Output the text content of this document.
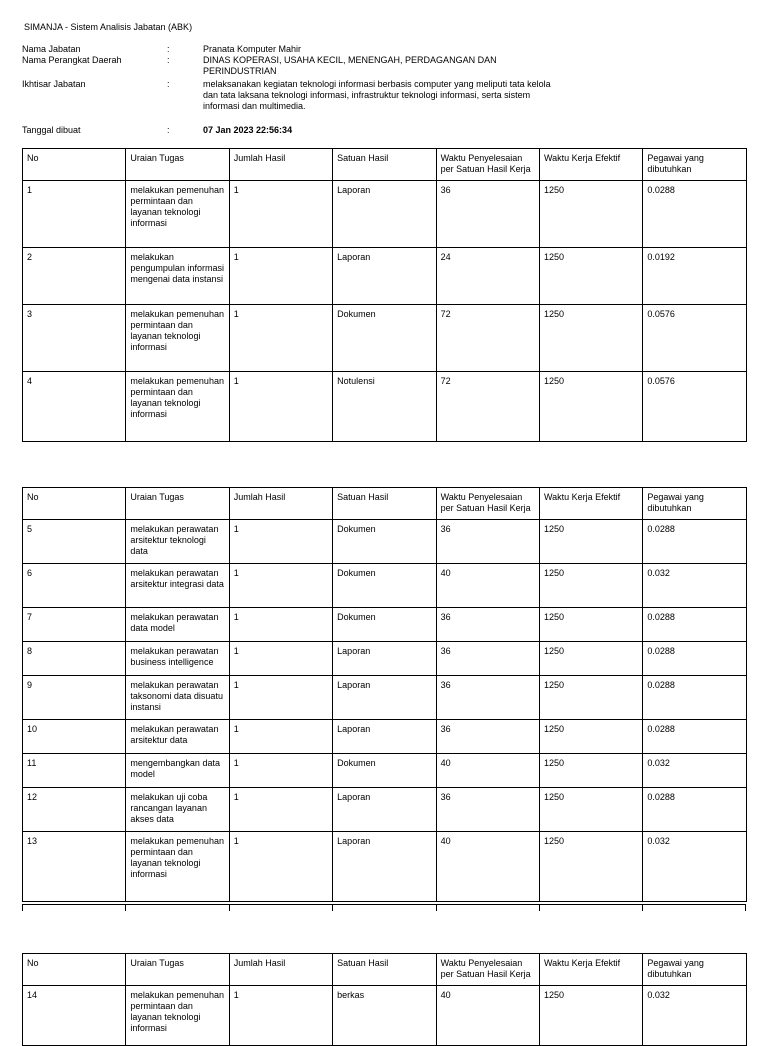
SIMANJA - Sistem Analisis Jabatan (ABK)
Nama Jabatan	:	Pranata Komputer Mahir
Nama Perangkat Daerah	:	DINAS KOPERASI, USAHA KECIL, MENENGAH, PERDAGANGAN DAN PERINDUSTRIAN
Ikhtisar Jabatan	:	melaksanakan kegiatan teknologi informasi berbasis computer yang meliputi tata kelola dan tata laksana teknologi informasi, infrastruktur teknologi informasi, serta sistem informasi dan multimedia.
Tanggal dibuat	:	07 Jan 2023 22:56:34
No	Uraian Tugas	Jumlah Hasil	Satuan Hasil	Waktu Penyelesaian per Satuan Hasil Kerja	Waktu Kerja Efektif	Pegawai yang dibutuhkan
1	melakukan pemenuhan permintaan dan layanan teknologi informasi	1	Laporan	36	1250	0.0288
2	melakukan pengumpulan informasi mengenai data instansi	1	Laporan	24	1250	0.0192
3	melakukan pemenuhan permintaan dan layanan teknologi informasi	1	Dokumen	72	1250	0.0576
4	melakukan pemenuhan permintaan dan layanan teknologi informasi	1	Notulensi	72	1250	0.0576
No	Uraian Tugas	Jumlah Hasil	Satuan Hasil	Waktu Penyelesaian per Satuan Hasil Kerja	Waktu Kerja Efektif	Pegawai yang dibutuhkan
5	melakukan perawatan arsitektur teknologi data	1	Dokumen	36	1250	0.0288
6	melakukan perawatan arsitektur integrasi data	1	Dokumen	40	1250	0.032
7	melakukan perawatan data model	1	Dokumen	36	1250	0.0288
8	melakukan perawatan business intelligence	1	Laporan	36	1250	0.0288
9	melakukan perawatan taksonomi data disuatu instansi	1	Laporan	36	1250	0.0288
10	melakukan perawatan arsitektur data	1	Laporan	36	1250	0.0288
11	mengembangkan data model	1	Dokumen	40	1250	0.032
12	melakukan uji coba rancangan layanan akses data	1	Laporan	36	1250	0.0288
13	melakukan pemenuhan permintaan dan layanan teknologi informasi	1	Laporan	40	1250	0.032
No	Uraian Tugas	Jumlah Hasil	Satuan Hasil	Waktu Penyelesaian per Satuan Hasil Kerja	Waktu Kerja Efektif	Pegawai yang dibutuhkan
14	melakukan pemenuhan permintaan dan layanan teknologi informasi	1	berkas	40	1250	0.032
